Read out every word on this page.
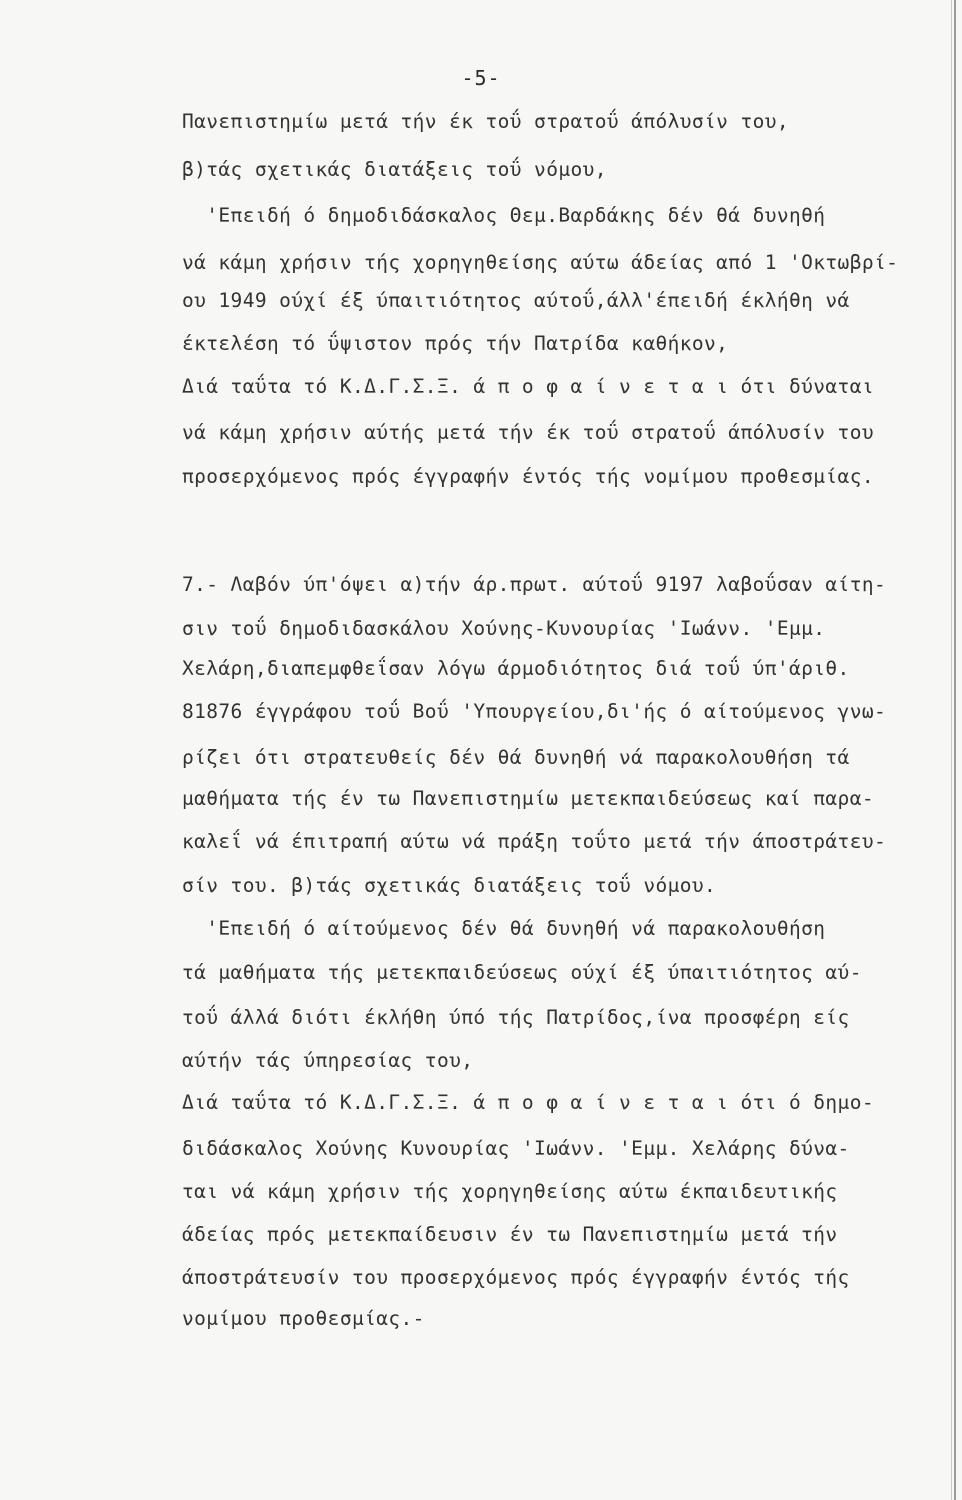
-5-
Πανεπιστημίω μετά τήν έκ τοΰ στρατοΰ άπόλυσίν του,
β)τάς σχετικάς διατάξεις τοΰ νόμου,
'Επειδή ό δημοδιδάσκαλος Θεμ.Βαρδάκης δέν θά δυνηθή
νά κάμη χρήσιν τής χορηγηθείσης αύτω άδείας από 1 'Οκτωβρί-
ου 1949 ούχί έξ ύπαιτιότητος αύτοΰ,άλλ'έπειδή έκλήθη νά
έκτελέση τό ΰψιστον πρός τήν Πατρίδα καθήκον,
Διά ταΰτα τό Κ.Δ.Γ.Σ.Ξ. ά π ο φ α ί ν ε τ α ι ότι δύναται
νά κάμη χρήσιν αύτής μετά τήν έκ τοΰ στρατοΰ άπόλυσίν του
προσερχόμενος πρός έγγραφήν έντός τής νομίμου προθεσμίας.
7.- Λαβόν ύπ'όψει α)τήν άρ.πρωτ. αύτοΰ 9197 λαβοΰσαν αίτη-
σιν τοΰ δημοδιδασκάλου Χούνης-Κυνουρίας 'Ιωάνν. 'Εμμ.
Χελάρη,διαπεμφθεΐσαν λόγω άρμοδιότητος διά τοΰ ύπ'άριθ.
81876 έγγράφου τοΰ Βοΰ 'Υπουργείου,δι'ής ό αίτούμενος γνω-
ρίζει ότι στρατευθείς δέν θά δυνηθή νά παρακολουθήση τά
μαθήματα τής έν τω Πανεπιστημίω μετεκπαιδεύσεως καί παρα-
καλεΐ νά έπιτραπή αύτω νά πράξη τοΰτο μετά τήν άποστράτευ-
σίν του. β)τάς σχετικάς διατάξεις τοΰ νόμου.
'Επειδή ό αίτούμενος δέν θά δυνηθή νά παρακολουθήση
τά μαθήματα τής μετεκπαιδεύσεως ούχί έξ ύπαιτιότητος αύ-
τοΰ άλλά διότι έκλήθη ύπό τής Πατρίδος,ίνα προσφέρη είς
αύτήν τάς ύπηρεσίας του,
Διά ταΰτα τό Κ.Δ.Γ.Σ.Ξ. ά π ο φ α ί ν ε τ α ι ότι ό δημο-
διδάσκαλος Χούνης Κυνουρίας 'Ιωάνν. 'Εμμ. Χελάρης δύνα-
ται νά κάμη χρήσιν τής χορηγηθείσης αύτω έκπαιδευτικής
άδείας πρός μετεκπαίδευσιν έν τω Πανεπιστημίω μετά τήν
άποστράτευσίν του προσερχόμενος πρός έγγραφήν έντός τής
νομίμου προθεσμίας.-
